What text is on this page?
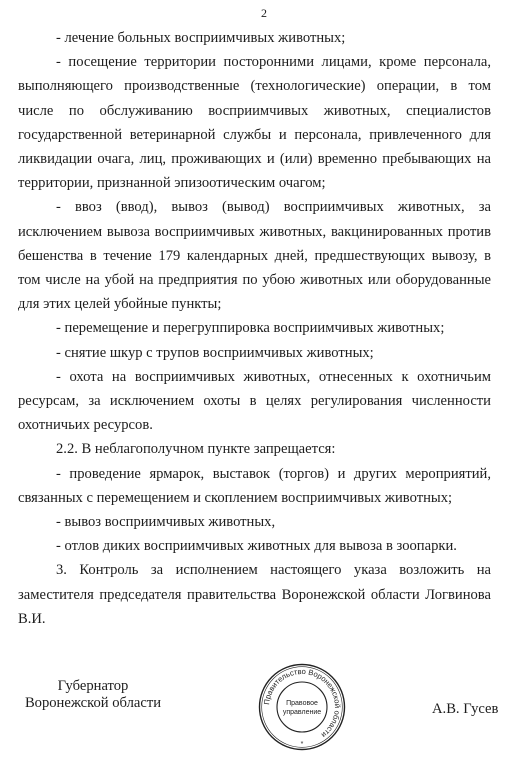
2

- лечение больных восприимчивых животных;

- посещение территории посторонними лицами, кроме персонала, выполняющего производственные (технологические) операции, в том числе по обслуживанию восприимчивых животных, специалистов государственной ветеринарной службы и персонала, привлеченного для ликвидации очага, лиц, проживающих и (или) временно пребывающих на территории, признанной эпизоотическим очагом;

- ввоз (ввод), вывоз (вывод) восприимчивых животных, за исключением вывоза восприимчивых животных, вакцинированных против бешенства в течение 179 календарных дней, предшествующих вывозу, в том числе на убой на предприятия по убою животных или оборудованные для этих целей убойные пункты;

- перемещение и перегруппировка восприимчивых животных;

- снятие шкур с трупов восприимчивых животных;

- охота на восприимчивых животных, отнесенных к охотничьим ресурсам, за исключением охоты в целях регулирования численности охотничьих ресурсов.

2.2. В неблагополучном пункте запрещается:

- проведение ярмарок, выставок (торгов) и других мероприятий, связанных с перемещением и скоплением восприимчивых животных;

- вывоз восприимчивых животных,

- отлов диких восприимчивых животных для вывоза в зоопарки.

3. Контроль за исполнением настоящего указа возложить на заместителя председателя правительства Воронежской области Логвинова В.И.

Губернатор
Воронежской области	Правительство Воронежской области
Правовое
управление
*
А.В. Гусев
